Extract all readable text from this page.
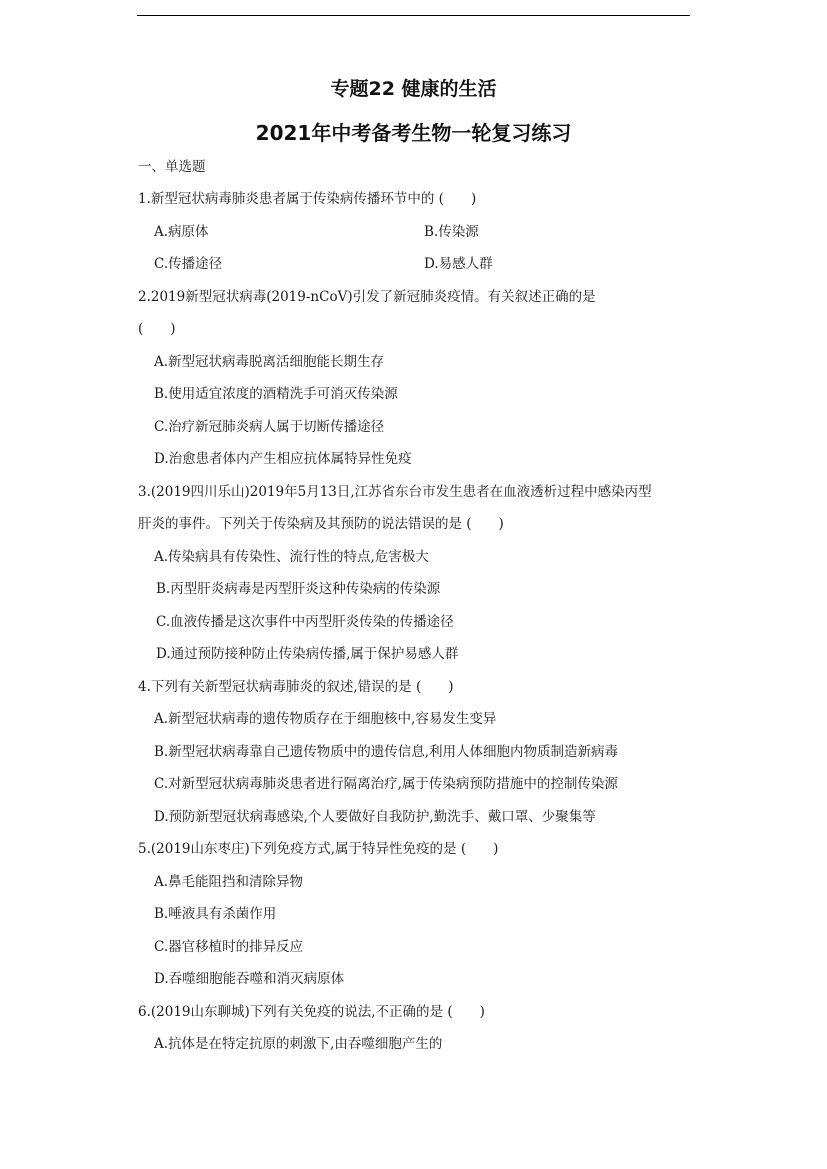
专题22 健康的生活
2021年中考备考生物一轮复习练习
一、单选题
1.新型冠状病毒肺炎患者属于传染病传播环节中的 (　　)
A.病原体	B.传染源
C.传播途径	D.易感人群
2.2019新型冠状病毒(2019-nCoV)引发了新冠肺炎疫情。有关叙述正确的是
(　　)
A.新型冠状病毒脱离活细胞能长期生存
B.使用适宜浓度的酒精洗手可消灭传染源
C.治疗新冠肺炎病人属于切断传播途径
D.治愈患者体内产生相应抗体属特异性免疫
3.(2019四川乐山)2019年5月13日,江苏省东台市发生患者在血液透析过程中感染丙型
肝炎的事件。下列关于传染病及其预防的说法错误的是 (　　)
A.传染病具有传染性、流行性的特点,危害极大
B.丙型肝炎病毒是丙型肝炎这种传染病的传染源
C.血液传播是这次事件中丙型肝炎传染的传播途径
D.通过预防接种防止传染病传播,属于保护易感人群
4.下列有关新型冠状病毒肺炎的叙述,错误的是 (　　)
A.新型冠状病毒的遗传物质存在于细胞核中,容易发生变异
B.新型冠状病毒靠自己遗传物质中的遗传信息,利用人体细胞内物质制造新病毒
C.对新型冠状病毒肺炎患者进行隔离治疗,属于传染病预防措施中的控制传染源
D.预防新型冠状病毒感染,个人要做好自我防护,勤洗手、戴口罩、少聚集等
5.(2019山东枣庄)下列免疫方式,属于特异性免疫的是 (　　)
A.鼻毛能阻挡和清除异物
B.唾液具有杀菌作用
C.器官移植时的排异反应
D.吞噬细胞能吞噬和消灭病原体
6.(2019山东聊城)下列有关免疫的说法,不正确的是 (　　)
A.抗体是在特定抗原的刺激下,由吞噬细胞产生的
